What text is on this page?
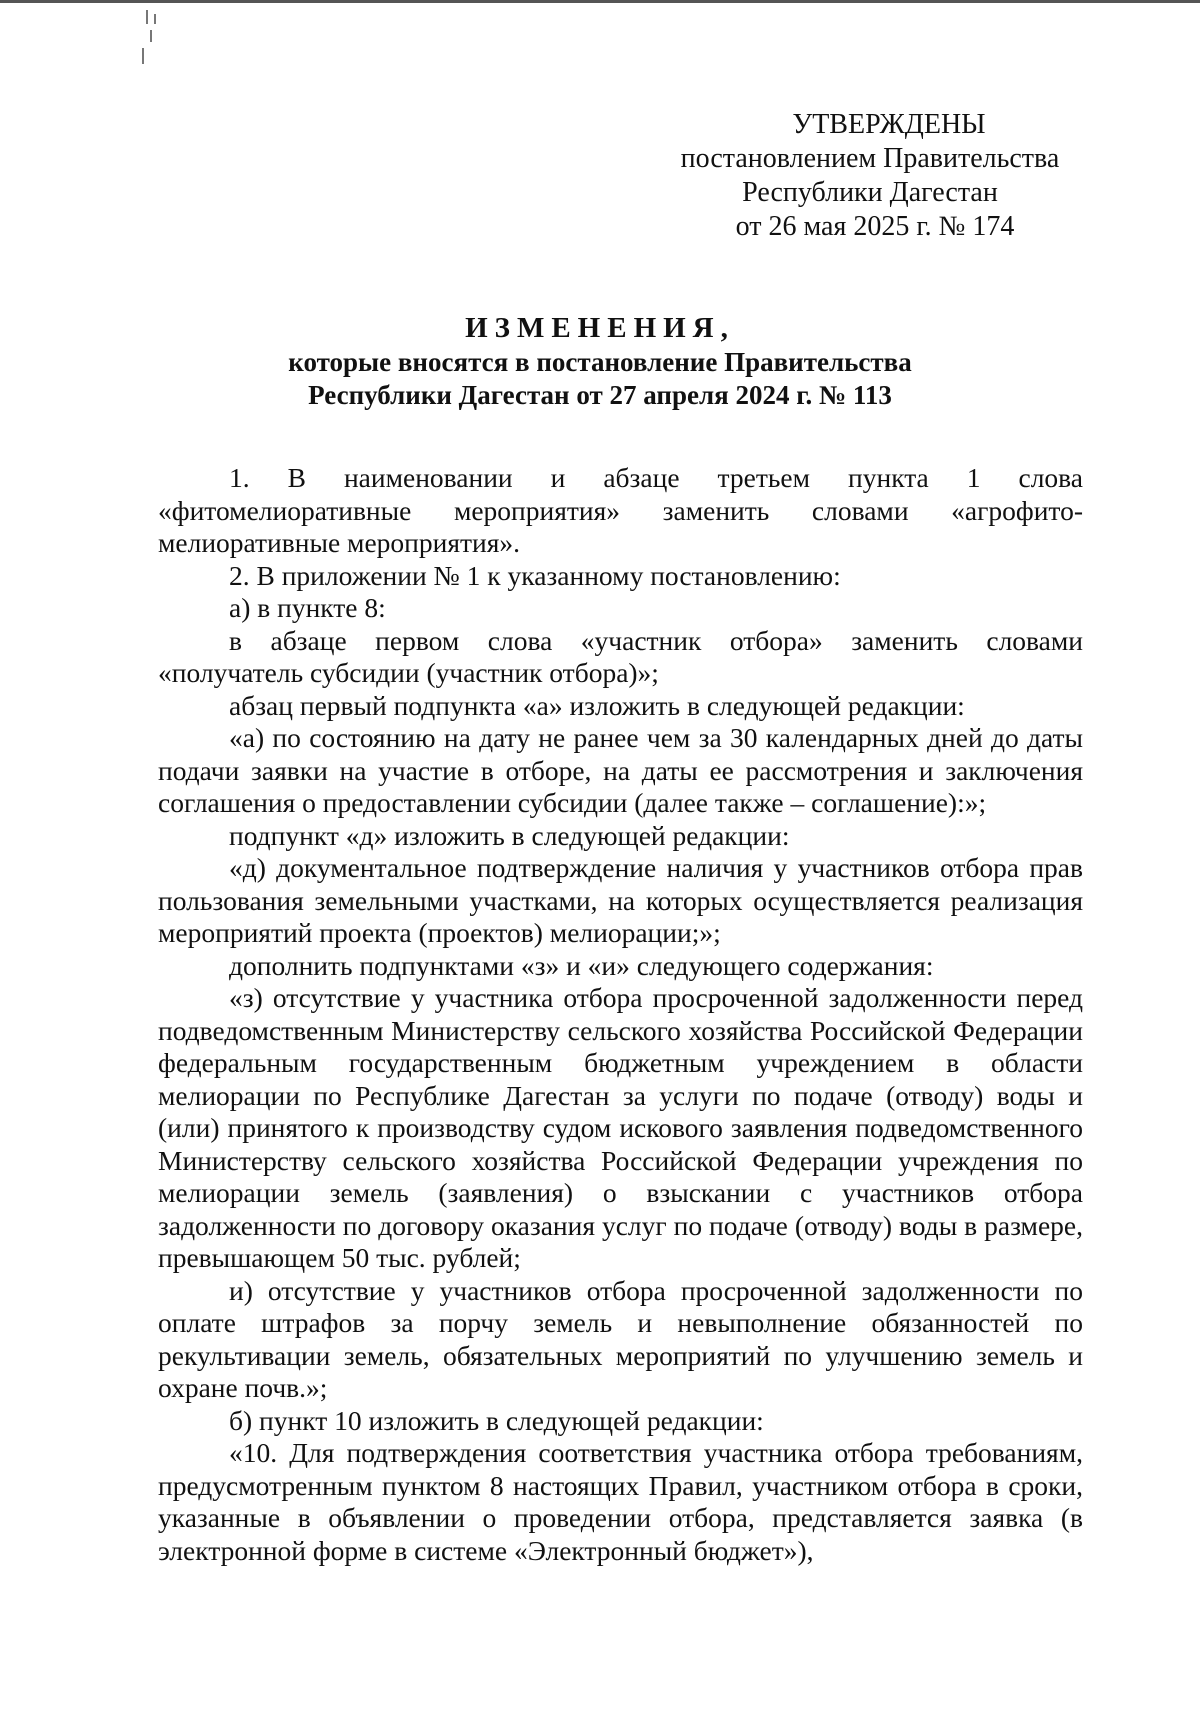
УТВЕРЖДЕНЫ
постановлением Правительства
Республики Дагестан
от 26 мая 2025 г. № 174
ИЗМЕНЕНИЯ,
которые вносятся в постановление Правительства
Республики Дагестан от 27 апреля 2024 г. № 113

1. В наименовании и абзаце третьем пункта 1 слова «фитомелиоративные мероприятия» заменить словами «агрофито-мелиоративные мероприятия».

2. В приложении № 1 к указанному постановлению:

а) в пункте 8:

в абзаце первом слова «участник отбора» заменить словами «получатель субсидии (участник отбора)»;

абзац первый подпункта «а» изложить в следующей редакции:

«а) по состоянию на дату не ранее чем за 30 календарных дней до даты подачи заявки на участие в отборе, на даты ее рассмотрения и заключения соглашения о предоставлении субсидии (далее также – соглашение):»;

подпункт «д» изложить в следующей редакции:

«д) документальное подтверждение наличия у участников отбора прав пользования земельными участками, на которых осуществляется реализация мероприятий проекта (проектов) мелиорации;»;

дополнить подпунктами «з» и «и» следующего содержания:

«з) отсутствие у участника отбора просроченной задолженности перед подведомственным Министерству сельского хозяйства Российской Федерации федеральным государственным бюджетным учреждением в области мелиорации по Республике Дагестан за услуги по подаче (отводу) воды и (или) принятого к производству судом искового заявления подведомственного Министерству сельского хозяйства Российской Федерации учреждения по мелиорации земель (заявления) о взыскании с участников отбора задолженности по договору оказания услуг по подаче (отводу) воды в размере, превышающем 50 тыс. рублей;

и) отсутствие у участников отбора просроченной задолженности по оплате штрафов за порчу земель и невыполнение обязанностей по рекультивации земель, обязательных мероприятий по улучшению земель и охране почв.»;

б) пункт 10 изложить в следующей редакции:

«10. Для подтверждения соответствия участника отбора требованиям, предусмотренным пунктом 8 настоящих Правил, участником отбора в сроки, указанные в объявлении о проведении отбора, представляется заявка (в электронной форме в системе «Электронный бюджет»),
